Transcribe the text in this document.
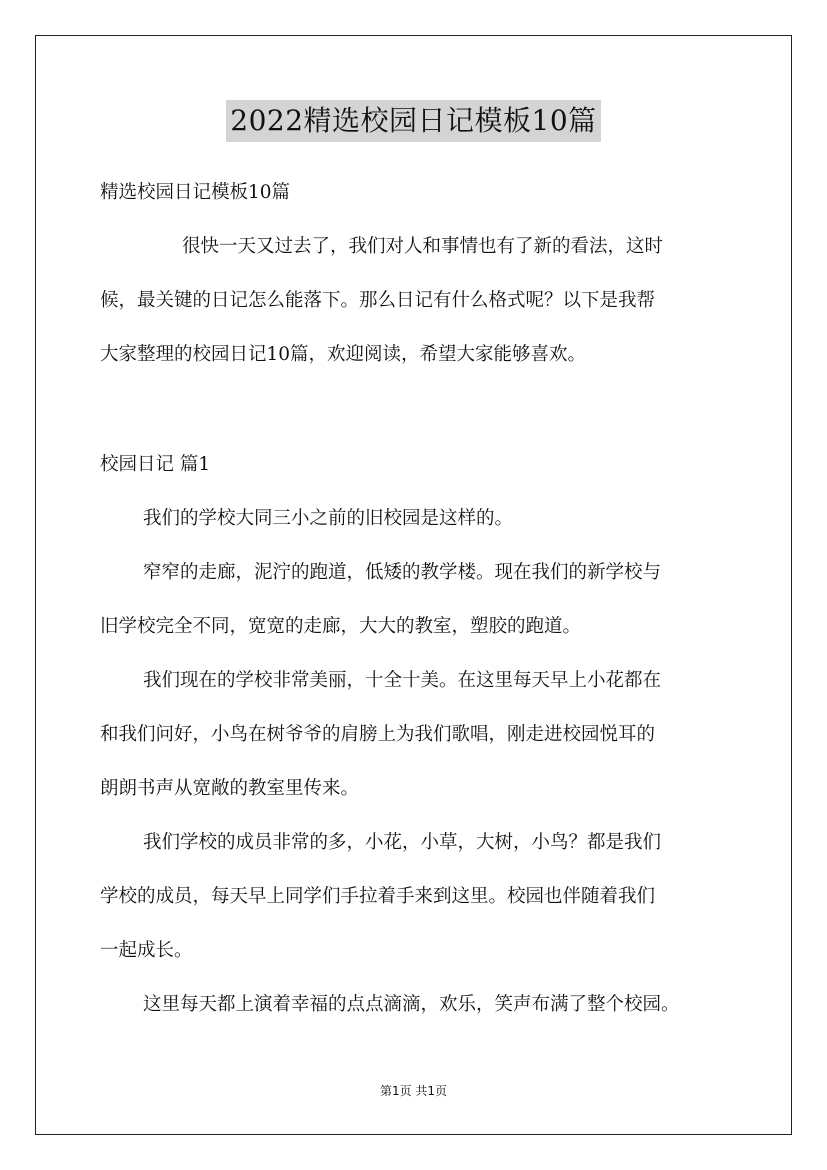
2022精选校园日记模板10篇

精选校园日记模板10篇

很快一天又过去了，我们对人和事情也有了新的看法，这时
候，最关键的日记怎么能落下。那么日记有什么格式呢？以下是我帮
大家整理的校园日记10篇，欢迎阅读，希望大家能够喜欢。

校园日记 篇1

我们的学校大同三小之前的旧校园是这样的。
窄窄的走廊，泥泞的跑道，低矮的教学楼。现在我们的新学校与
旧学校完全不同，宽宽的走廊，大大的教室，塑胶的跑道。
我们现在的学校非常美丽，十全十美。在这里每天早上小花都在
和我们问好，小鸟在树爷爷的肩膀上为我们歌唱，刚走进校园悦耳的
朗朗书声从宽敞的教室里传来。
我们学校的成员非常的多，小花，小草，大树，小鸟？都是我们
学校的成员，每天早上同学们手拉着手来到这里。校园也伴随着我们
一起成长。
这里每天都上演着幸福的点点滴滴，欢乐，笑声布满了整个校园。
第1页 共1页
